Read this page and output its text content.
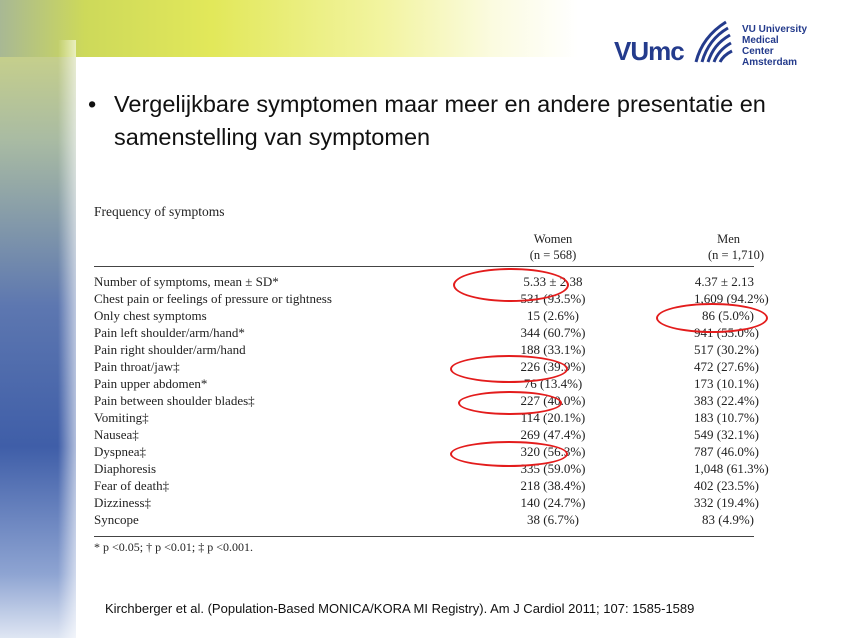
VUmc
VU University
Medical Center
Amsterdam
• Vergelijkbare symptomen maar meer en andere presentatie en samenstelling van symptomen
Frequency of symptoms
Women
(n = 568)
Men
(n = 1,710)
Number of symptoms, mean ± SD*	5.33 ± 2.38	4.37 ± 2.13
Chest pain or feelings of pressure or tightness	531 (93.5%)	1,609 (94.2%)
Only chest symptoms	15 (2.6%)	86 (5.0%)
Pain left shoulder/arm/hand*	344 (60.7%)	941 (55.0%)
Pain right shoulder/arm/hand	188 (33.1%)	517 (30.2%)
Pain throat/jaw‡	226 (39.9%)	472 (27.6%)
Pain upper abdomen*	76 (13.4%)	173 (10.1%)
Pain between shoulder blades‡	227 (40.0%)	383 (22.4%)
Vomiting‡	114 (20.1%)	183 (10.7%)
Nausea‡	269 (47.4%)	549 (32.1%)
Dyspnea‡	320 (56.3%)	787 (46.0%)
Diaphoresis	335 (59.0%)	1,048 (61.3%)
Fear of death‡	218 (38.4%)	402 (23.5%)
Dizziness‡	140 (24.7%)	332 (19.4%)
Syncope	38 (6.7%)	83 (4.9%)
* p <0.05; † p <0.01; ‡ p <0.001.
Kirchberger et al. (Population-Based MONICA/KORA MI Registry). Am J Cardiol 2011; 107: 1585-1589
